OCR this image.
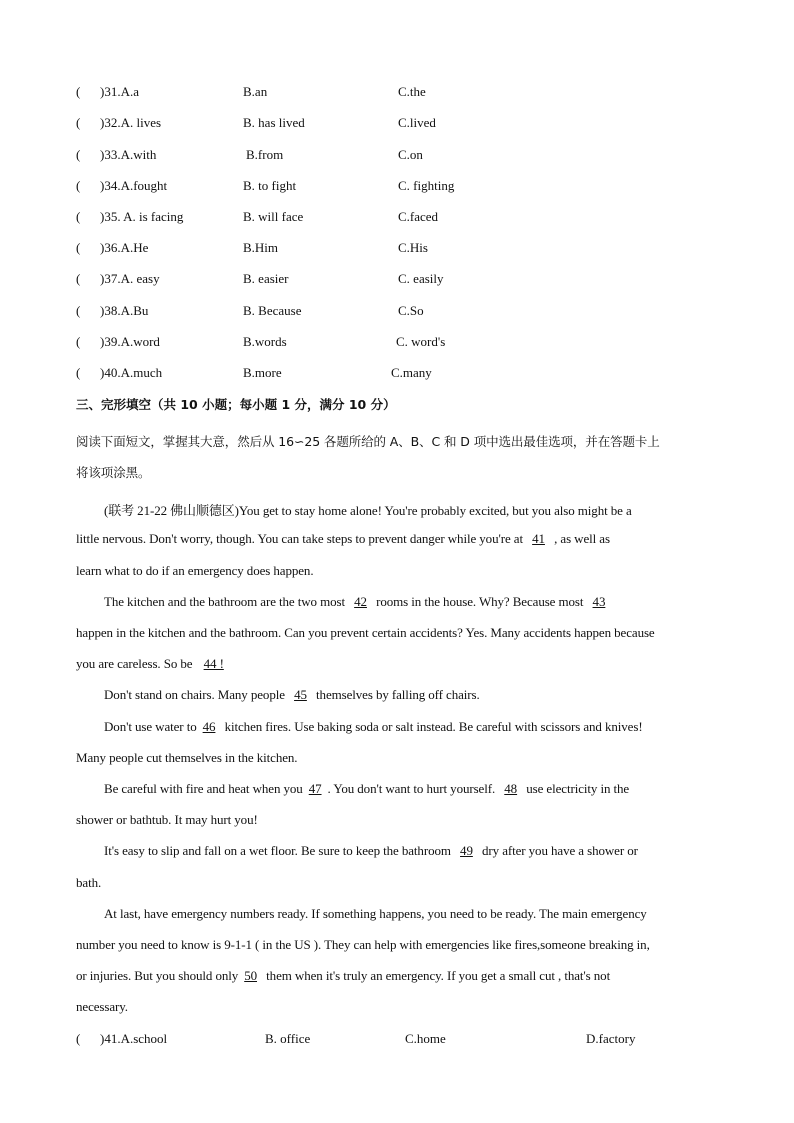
( )31.A.a	B.an	C.the
( )32.A. lives	B. has lived	C.lived
( )33.A.with	B.from	C.on
( )34.A.fought	B. to fight	C. fighting
( )35. A. is facing	B. will face	C.faced
( )36.A.He	B.Him	C.His
( )37.A. easy	B. easier	C. easily
( )38.A.Bu	B. Because	C.So
( )39.A.word	B.words	C. word's
( )40.A.much	B.more	C.many
三、完形填空（共 10 小题；每小题 1 分，满分 10 分）
阅读下面短文，掌握其大意，然后从 16∽25 各题所给的 A、B、C 和 D 项中选出最佳选项，并在答题卡上
将该项涂黑。
(联考 21-22 佛山顺德区)You get to stay home alone! You're probably excited, but you also might be a
little nervous. Don't worry, though. You can take steps to prevent danger while you're at 41 , as well as
learn what to do if an emergency does happen.
The kitchen and the bathroom are the two most 42 rooms in the house. Why? Because most 43
happen in the kitchen and the bathroom. Can you prevent certain accidents? Yes. Many accidents happen because
you are careless. So be 44 !
Don't stand on chairs. Many people 45 themselves by falling off chairs.
Don't use water to 46 kitchen fires. Use baking soda or salt instead. Be careful with scissors and knives!
Many people cut themselves in the kitchen.
Be careful with fire and heat when you 47 . You don't want to hurt yourself. 48 use electricity in the
shower or bathtub. It may hurt you!
It's easy to slip and fall on a wet floor. Be sure to keep the bathroom 49 dry after you have a shower or
bath.
At last, have emergency numbers ready. If something happens, you need to be ready. The main emergency
number you need to know is 9-1-1 ( in the US ). They can help with emergencies like fires,someone breaking in,
or injuries. But you should only 50 them when it's truly an emergency. If you get a small cut , that's not
necessary.
( )41.A.school	B. office	C.home	D.factory
